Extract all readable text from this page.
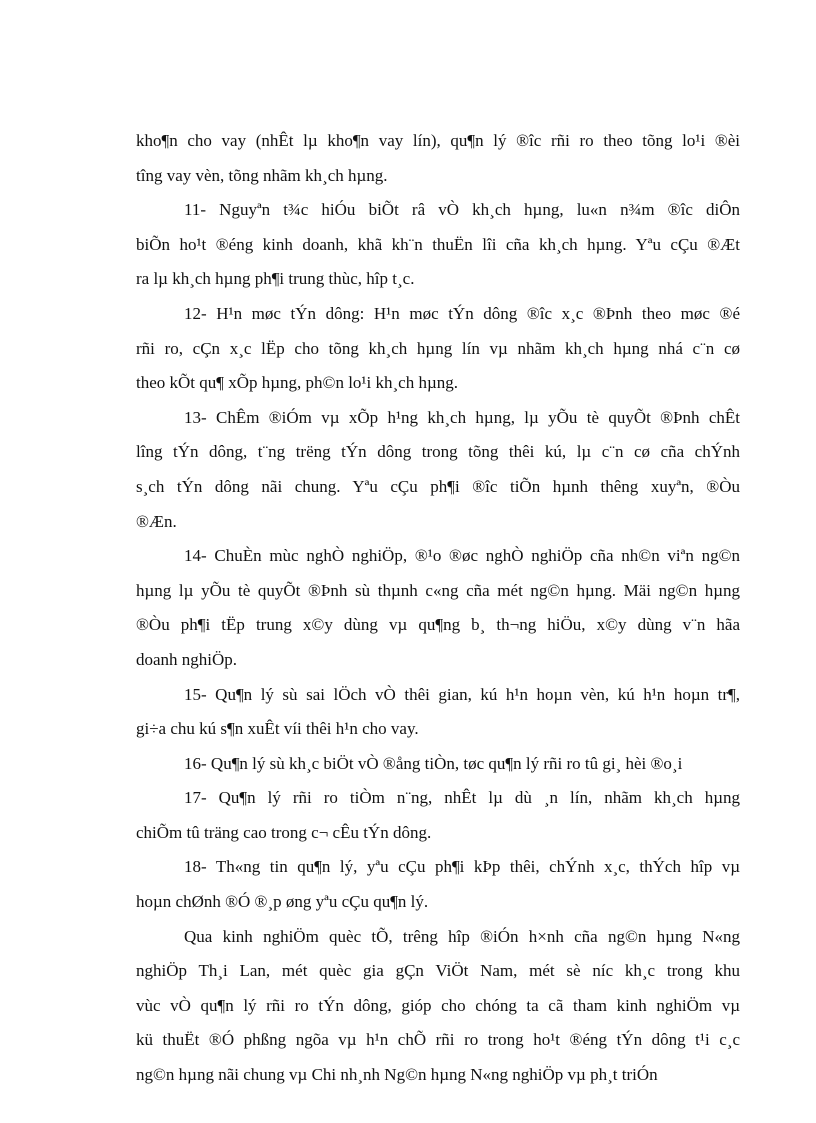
kho¶n cho vay (nhÊt lµ kho¶n vay lín), qu¶n lý ®îc rñi ro theo tõng lo¹i ®èi
tîng vay vèn, tõng nhãm kh¸ch hµng.
11- Nguyªn t¾c hiÓu biÕt râ vÒ kh¸ch hµng, lu«n n¾m ®îc diÔn
biÕn ho¹t ®éng kinh doanh, khã kh¨n thuËn lîi cña kh¸ch hµng. Yªu cÇu ®Æt
ra lµ kh¸ch hµng ph¶i trung thùc, hîp t¸c.
12- H¹n møc tÝn dông: H¹n møc tÝn dông ®îc x¸c ®Þnh theo møc ®é
rñi ro, cÇn x¸c lËp cho tõng kh¸ch hµng lín vµ nhãm kh¸ch hµng nhá c¨n cø
theo kÕt qu¶ xÕp hµng, ph©n lo¹i kh¸ch hµng.
13- ChÊm ®iÓm vµ xÕp h¹ng kh¸ch hµng, lµ yÕu tè quyÕt ®Þnh chÊt
lîng tÝn dông, t¨ng trëng tÝn dông trong tõng thêi kú, lµ c¨n cø cña chÝnh
s¸ch tÝn dông nãi chung. Yªu cÇu ph¶i ®îc tiÕn hµnh thêng xuyªn, ®Òu
®Æn.
14- ChuÈn mùc nghÒ nghiÖp, ®¹o ®øc nghÒ nghiÖp cña nh©n viªn ng©n
hµng lµ yÕu tè quyÕt ®Þnh sù thµnh c«ng cña mét ng©n hµng. Mäi ng©n hµng
®Òu ph¶i tËp trung x©y dùng vµ qu¶ng b¸ th¬ng hiÖu, x©y dùng v¨n hãa
doanh nghiÖp.
15- Qu¶n lý sù sai lÖch vÒ thêi gian, kú h¹n hoµn vèn, kú h¹n hoµn tr¶,
gi÷a chu kú s¶n xuÊt víi thêi h¹n cho vay.
16- Qu¶n lý sù kh¸c biÖt vÒ ®ång tiÒn, tøc qu¶n lý rñi ro tû gi¸ hèi ®o¸i
17- Qu¶n lý rñi ro tiÒm n¨ng, nhÊt lµ dù ¸n lín, nhãm kh¸ch hµng
chiÕm tû träng cao trong c¬ cÊu tÝn dông.
18- Th«ng tin qu¶n lý, yªu cÇu ph¶i kÞp thêi, chÝnh x¸c, thÝch hîp vµ
hoµn chØnh ®Ó ®¸p øng yªu cÇu qu¶n lý.
Qua kinh nghiÖm quèc tÕ, trêng hîp ®iÓn h×nh cña ng©n hµng N«ng
nghiÖp Th¸i Lan, mét quèc gia gÇn ViÖt Nam, mét sè níc kh¸c trong khu
vùc vÒ qu¶n lý rñi ro tÝn dông, gióp cho chóng ta cã tham kinh nghiÖm vµ
kü thuËt ®Ó phßng ngõa vµ h¹n chÕ rñi ro trong ho¹t ®éng tÝn dông t¹i c¸c
ng©n hµng nãi chung vµ Chi nh¸nh Ng©n hµng N«ng nghiÖp vµ ph¸t triÓn
